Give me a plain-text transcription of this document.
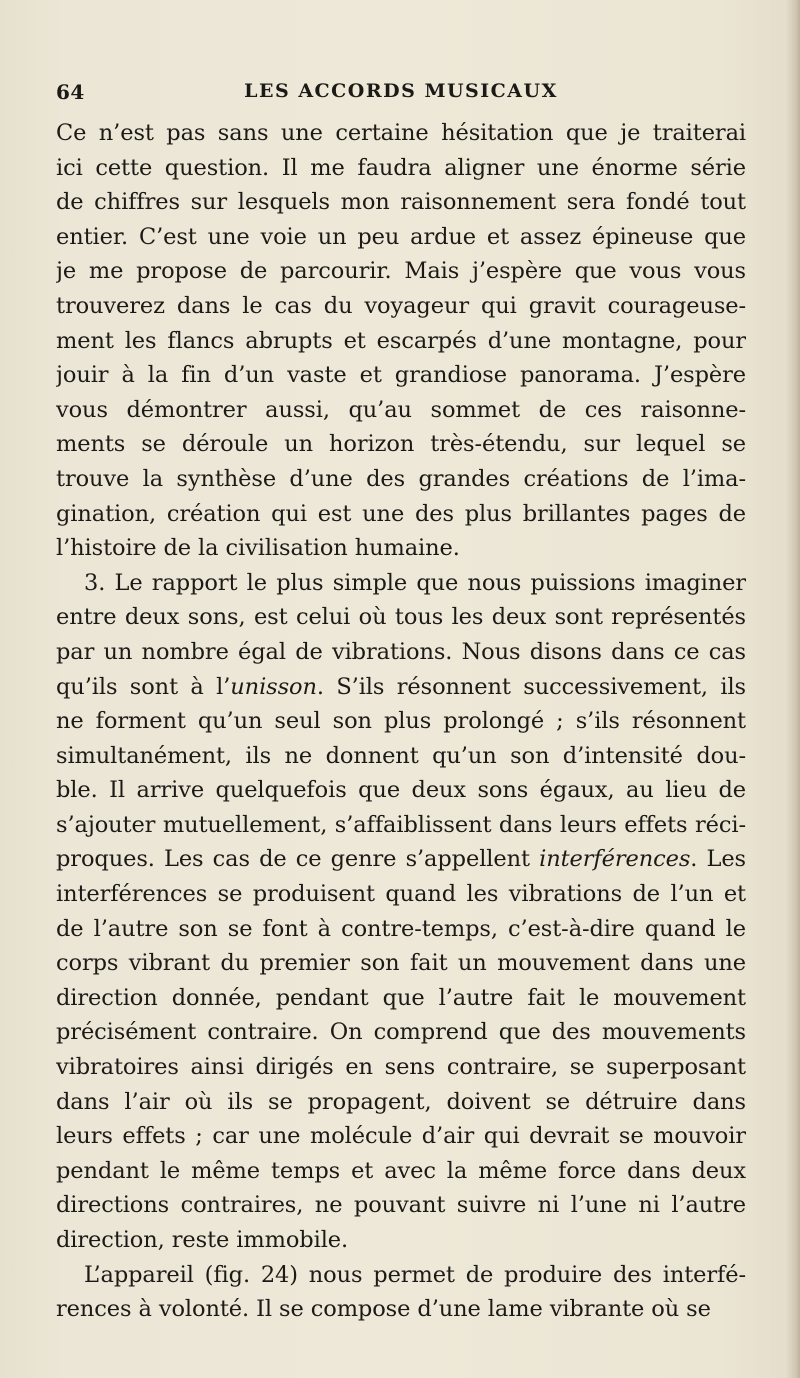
64	LES ACCORDS MUSICAUX
Ce n’est pas sans une certaine hésitation que je traiterai
ici cette question. Il me faudra aligner une énorme série
de chiffres sur lesquels mon raisonnement sera fondé tout
entier. C’est une voie un peu ardue et assez épineuse que
je me propose de parcourir. Mais j’espère que vous vous
trouverez dans le cas du voyageur qui gravit courageuse-
ment les flancs abrupts et escarpés d’une montagne, pour
jouir à la fin d’un vaste et grandiose panorama. J’espère
vous démontrer aussi, qu’au sommet de ces raisonne-
ments se déroule un horizon très-étendu, sur lequel se
trouve la synthèse d’une des grandes créations de l’ima-
gination, création qui est une des plus brillantes pages de
l’histoire de la civilisation humaine.
3. Le rapport le plus simple que nous puissions imaginer
entre deux sons, est celui où tous les deux sont représentés
par un nombre égal de vibrations. Nous disons dans ce cas
qu’ils sont à l’unisson. S’ils résonnent successivement, ils
ne forment qu’un seul son plus prolongé ; s’ils résonnent
simultanément, ils ne donnent qu’un son d’intensité dou-
ble. Il arrive quelquefois que deux sons égaux, au lieu de
s’ajouter mutuellement, s’affaiblissent dans leurs effets réci-
proques. Les cas de ce genre s’appellent interférences. Les
interférences se produisent quand les vibrations de l’un et
de l’autre son se font à contre-temps, c’est-à-dire quand le
corps vibrant du premier son fait un mouvement dans une
direction donnée, pendant que l’autre fait le mouvement
précisément contraire. On comprend que des mouvements
vibratoires ainsi dirigés en sens contraire, se superposant
dans l’air où ils se propagent, doivent se détruire dans
leurs effets ; car une molécule d’air qui devrait se mouvoir
pendant le même temps et avec la même force dans deux
directions contraires, ne pouvant suivre ni l’une ni l’autre
direction, reste immobile.
L’appareil (fig. 24) nous permet de produire des interfé-
rences à volonté. Il se compose d’une lame vibrante où se
